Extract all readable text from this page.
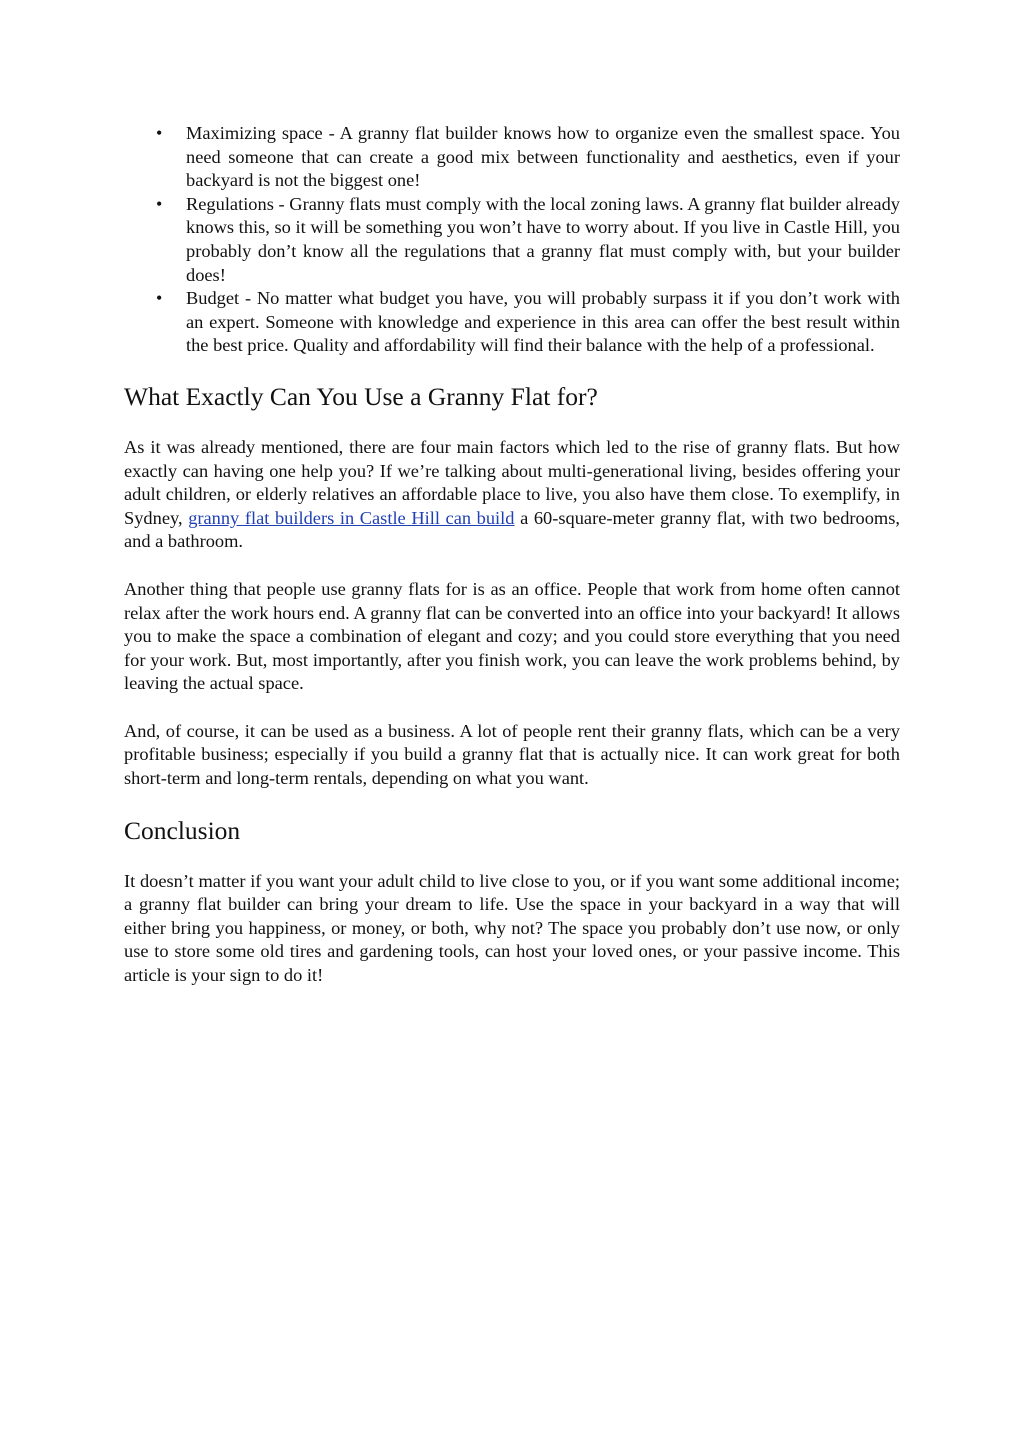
• Maximizing space - A granny flat builder knows how to organize even the smallest space. You need someone that can create a good mix between functionality and aesthetics, even if your backyard is not the biggest one!
• Regulations - Granny flats must comply with the local zoning laws. A granny flat builder already knows this, so it will be something you won’t have to worry about. If you live in Castle Hill, you probably don’t know all the regulations that a granny flat must comply with, but your builder does!
• Budget - No matter what budget you have, you will probably surpass it if you don’t work with an expert. Someone with knowledge and experience in this area can offer the best result within the best price. Quality and affordability will find their balance with the help of a professional.
What Exactly Can You Use a Granny Flat for?

As it was already mentioned, there are four main factors which led to the rise of granny flats. But how exactly can having one help you? If we’re talking about multi-generational living, besides offering your adult children, or elderly relatives an affordable place to live, you also have them close. To exemplify, in Sydney, granny flat builders in Castle Hill can build a 60-square-meter granny flat, with two bedrooms, and a bathroom.

Another thing that people use granny flats for is as an office. People that work from home often cannot relax after the work hours end. A granny flat can be converted into an office into your backyard! It allows you to make the space a combination of elegant and cozy; and you could store everything that you need for your work. But, most importantly, after you finish work, you can leave the work problems behind, by leaving the actual space.

And, of course, it can be used as a business. A lot of people rent their granny flats, which can be a very profitable business; especially if you build a granny flat that is actually nice. It can work great for both short-term and long-term rentals, depending on what you want.

Conclusion

It doesn’t matter if you want your adult child to live close to you, or if you want some additional income; a granny flat builder can bring your dream to life. Use the space in your backyard in a way that will either bring you happiness, or money, or both, why not? The space you probably don’t use now, or only use to store some old tires and gardening tools, can host your loved ones, or your passive income. This article is your sign to do it!
